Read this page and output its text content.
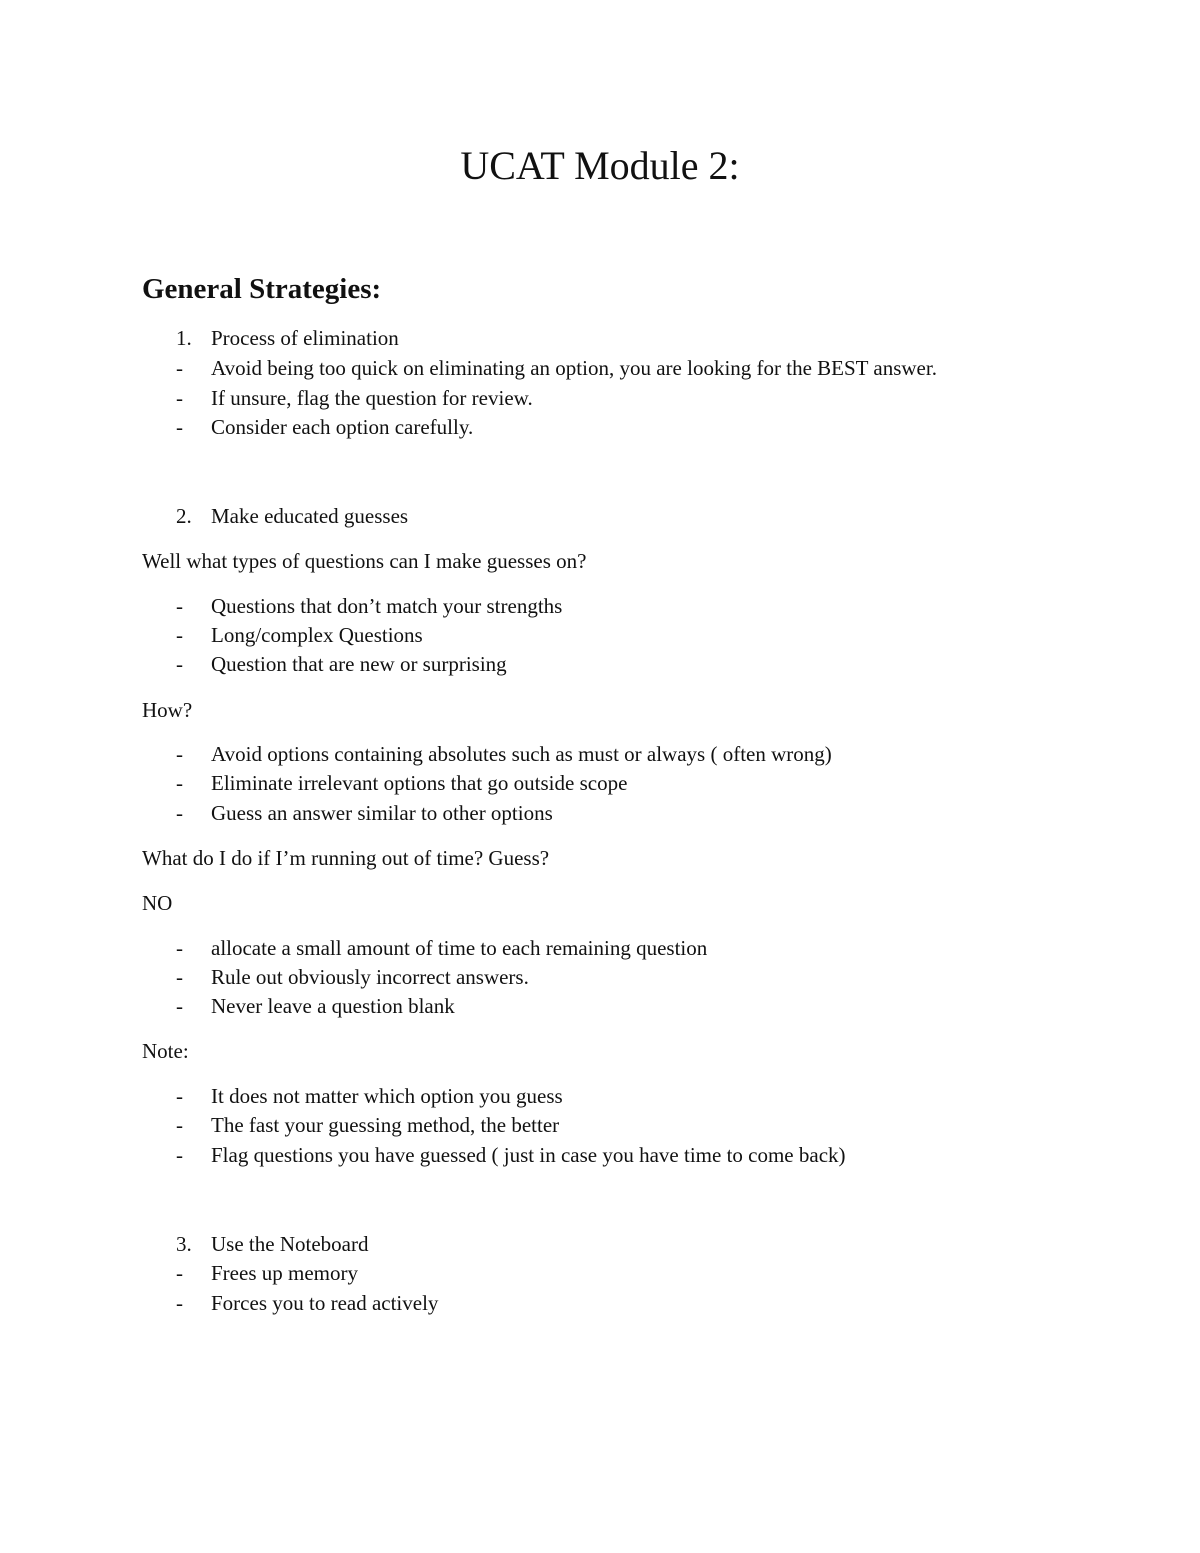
UCAT Module 2:
General Strategies:
1. Process of elimination
- Avoid being too quick on eliminating an option, you are looking for the BEST answer.
- If unsure, flag the question for review.
- Consider each option carefully.
2. Make educated guesses
Well what types of questions can I make guesses on?
- Questions that don’t match your strengths
- Long/complex Questions
- Question that are new or surprising
How?
- Avoid options containing absolutes such as must or always ( often wrong)
- Eliminate irrelevant options that go outside scope
- Guess an answer similar to other options
What do I do if I’m running out of time? Guess?
NO
- allocate a small amount of time to each remaining question
- Rule out obviously incorrect answers.
- Never leave a question blank
Note:
- It does not matter which option you guess
- The fast your guessing method, the better
- Flag questions you have guessed ( just in case you have time to come back)
3. Use the Noteboard
- Frees up memory
- Forces you to read actively
